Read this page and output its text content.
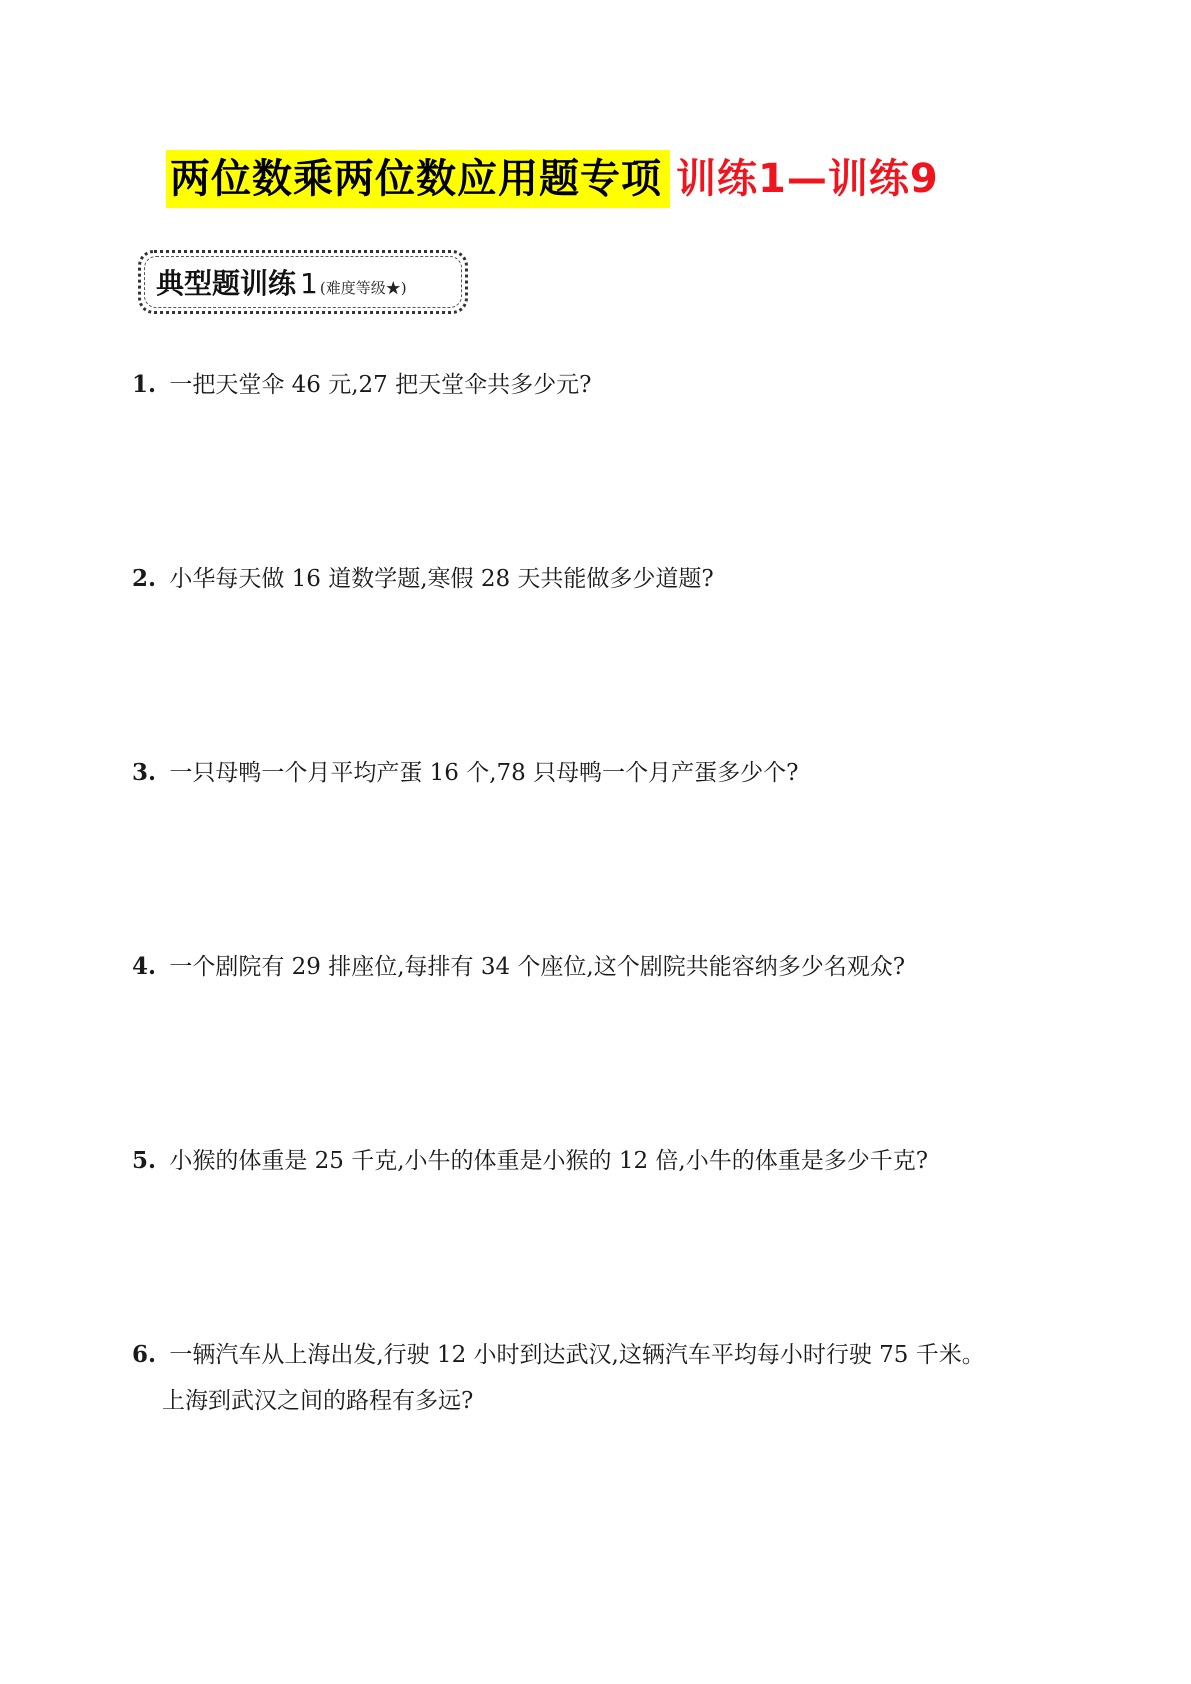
两位数乘两位数应用题专项 训练1—训练9
典型题训练 1 (难度等级★)
1. 一把天堂伞 46 元,27 把天堂伞共多少元?
2. 小华每天做 16 道数学题,寒假 28 天共能做多少道题?
3. 一只母鸭一个月平均产蛋 16 个,78 只母鸭一个月产蛋多少个?
4. 一个剧院有 29 排座位,每排有 34 个座位,这个剧院共能容纳多少名观众?
5. 小猴的体重是 25 千克,小牛的体重是小猴的 12 倍,小牛的体重是多少千克?
6. 一辆汽车从上海出发,行驶 12 小时到达武汉,这辆汽车平均每小时行驶 75 千米。
上海到武汉之间的路程有多远?
